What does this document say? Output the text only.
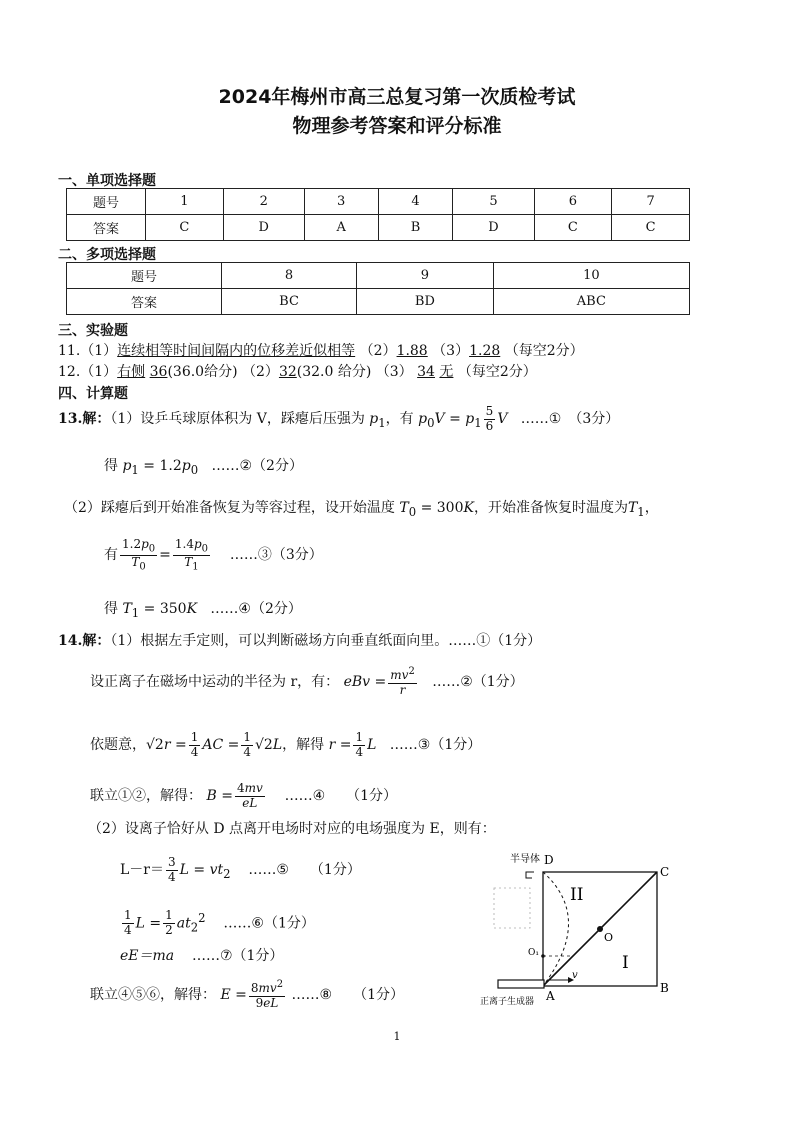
2024年梅州市高三总复习第一次质检考试
物理参考答案和评分标准
一、单项选择题
题号	1	2	3	4	5	6	7
答案	C	D	A	B	D	C	C
二、多项选择题
题号	8	9	10
答案	BC	BD	ABC
三、实验题
11.（1）连续相等时间间隔内的位移差近似相等 （2）1.88 （3）1.28 （每空2分）
12.（1）右侧 36(36.0给分) （2）32(32.0 给分) （3） 34 无 （每空2分）
四、计算题
13.解：（1）设乒乓球原体积为 V，踩瘪后压强为 $p_1$，有 $p_0V = p_1 \frac{5}{6}$ V ……①　（3分）
得 $p_1 = 1.2p_0$ ……②（2分）
（2）踩瘪后到开始准备恢复为等容过程，设开始温度 $T_0 = 300K$，开始准备恢复时温度为$T_1$，
有 $\frac{1.2p_0}{T_0} = \frac{1.4p_0}{T_1}$ ……③（3分）
得 $T_1 = 350K$ ……④（2分）
14.解：（1）根据左手定则，可以判断磁场方向垂直纸面向里。……①（1分）
设正离子在磁场中运动的半径为 r，有： eBv = $\frac{mv^2}{r}$ ……②（1分）
依题意，$√2r = \frac{1}{4}$ AC = $\frac{1}{4} √2L$，解得 $r = \frac{1}{4}$ L ……③（1分）
联立①②，解得： $B = \frac{4mv}{eL}$ ……④　　（1分）
（2）设离子恰好从 D 点离开电场时对应的电场强度为 E，则有：
$L-r= \frac{3}{4}$ $L = vt_2$ ……⑤　　（1分）
$\frac{1}{4}$ $L = \frac{1}{2} at_2^2$ ……⑥（1分）
eE＝ma ……⑦（1分）
联立④⑤⑥，解得： $E = \frac{8mv^2}{9eL}$ ……⑧　　（1分）
半导体 D
C
B
A
O
O₁
II
I
v
正离子生成器
1
